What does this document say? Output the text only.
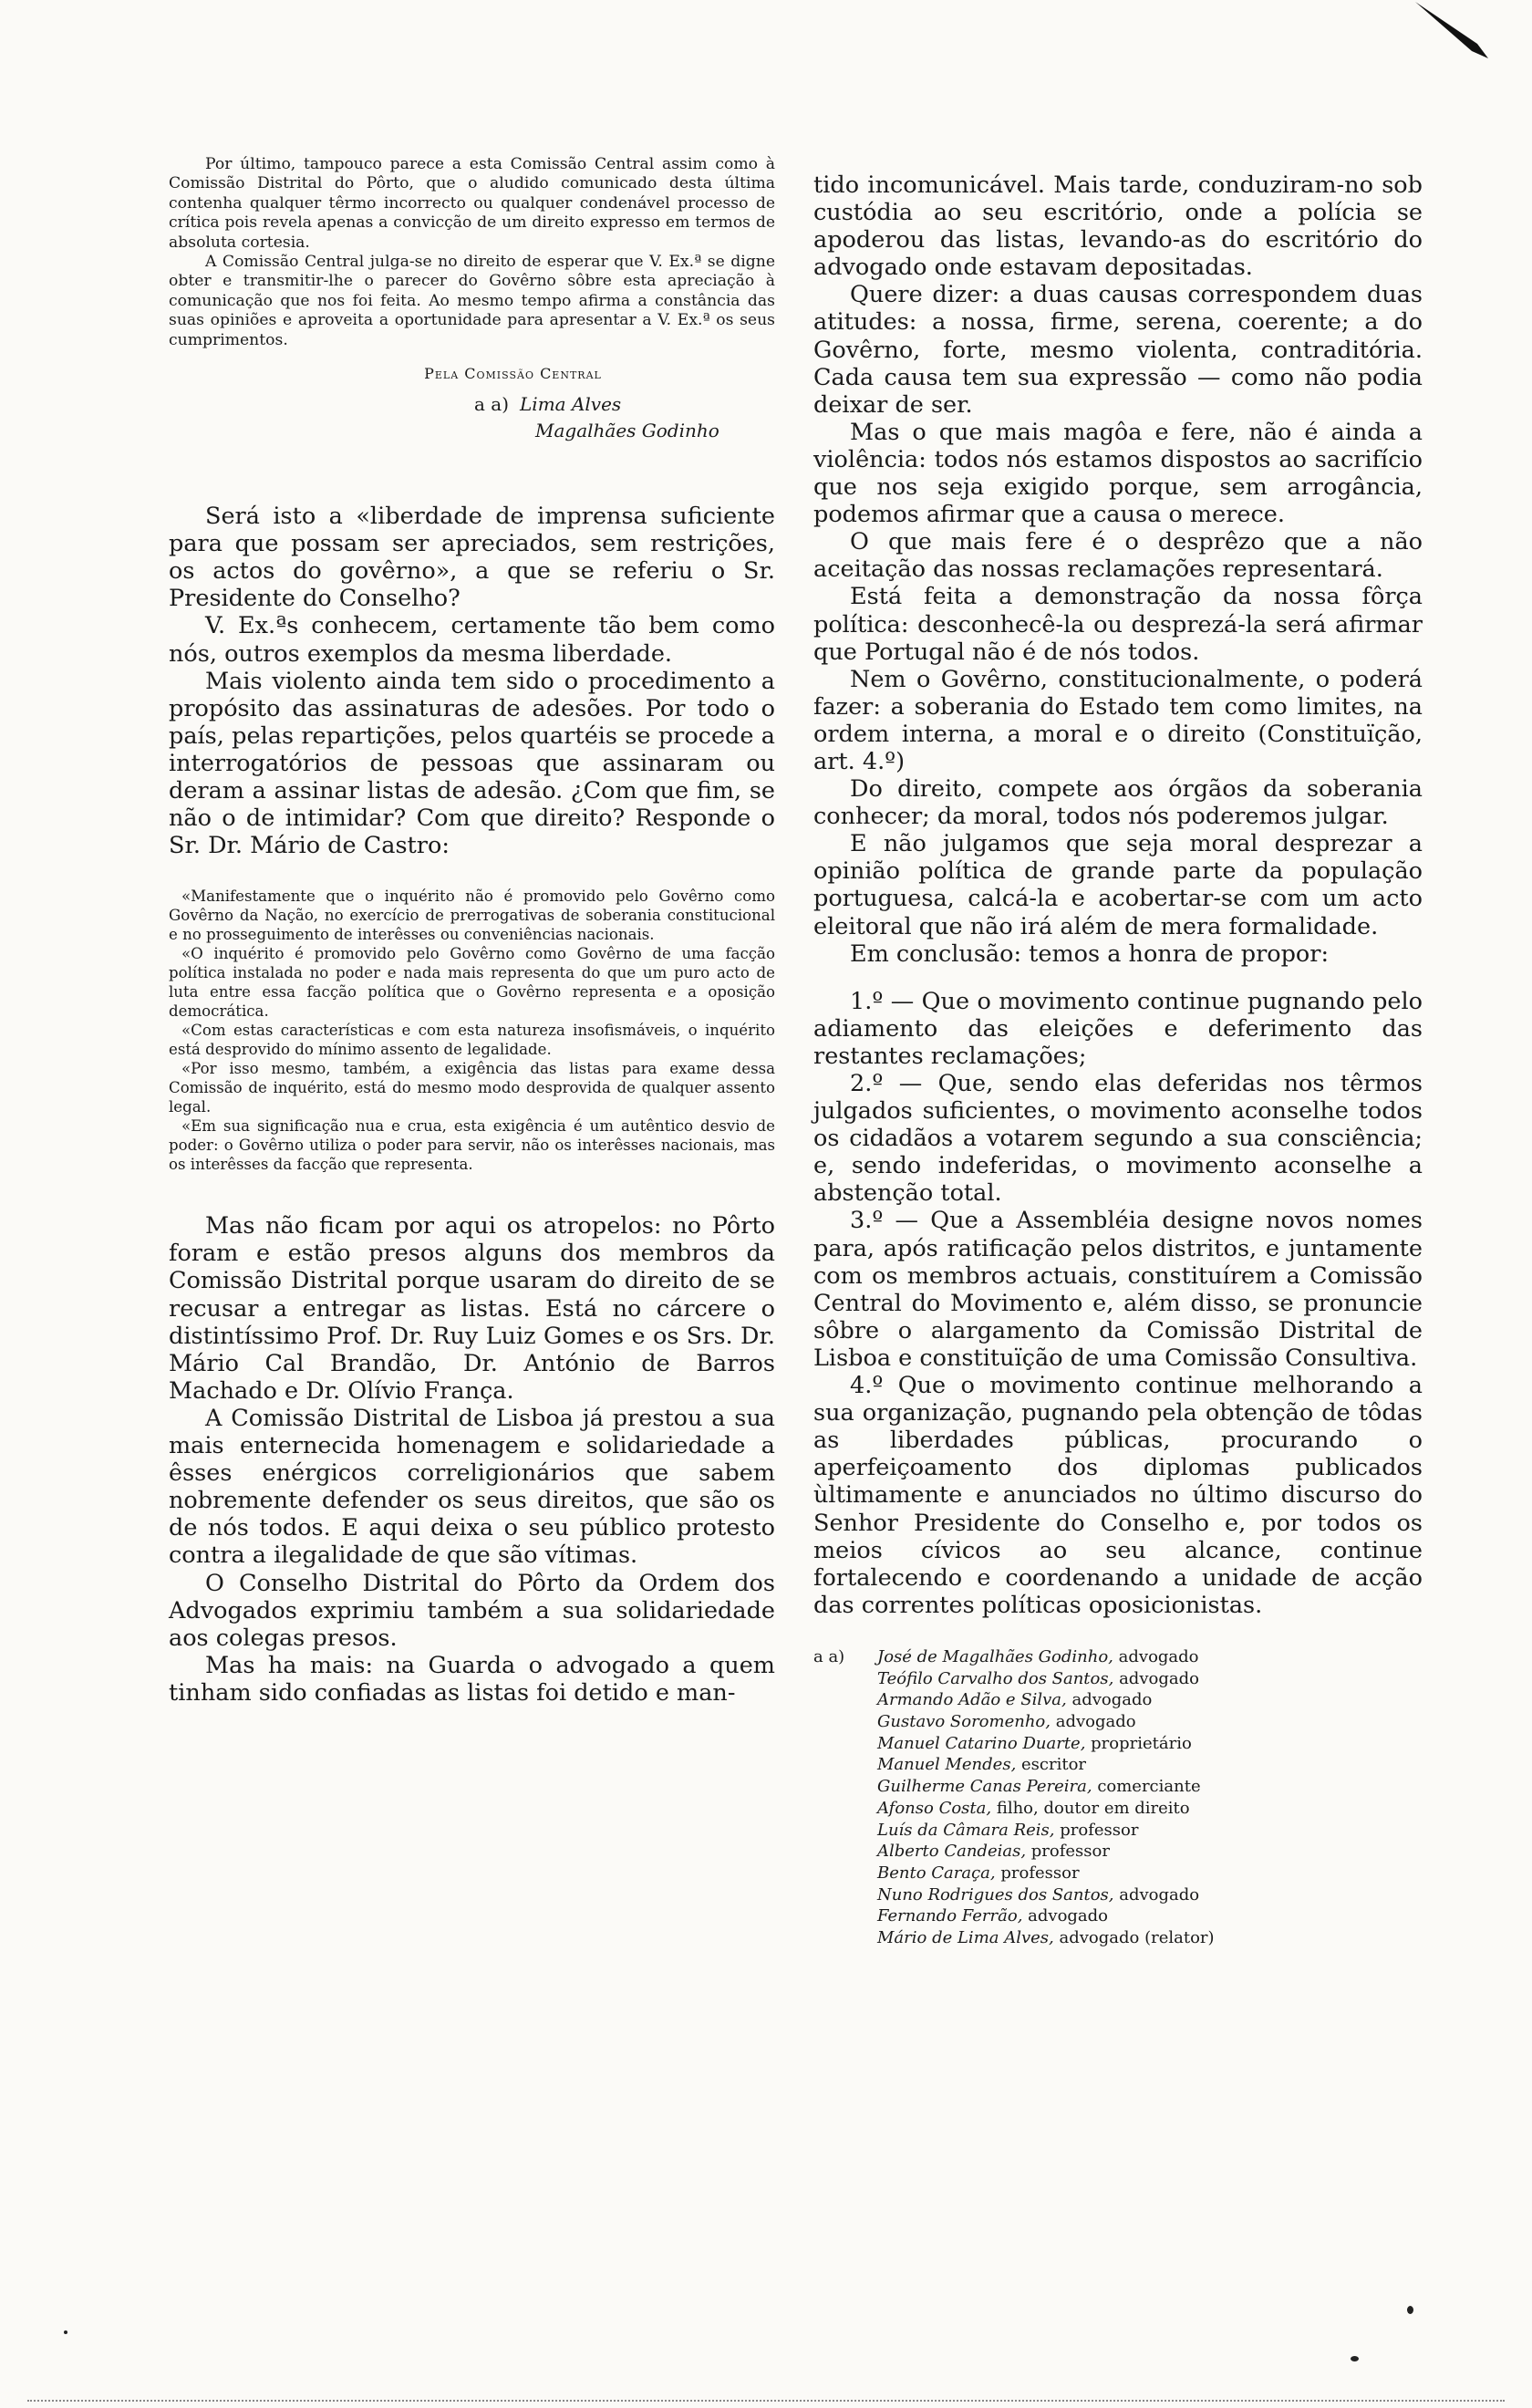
Por último, tampouco parece a esta Comissão Central assim como à Comissão Distrital do Pôrto, que o aludido comunicado desta última contenha qualquer têrmo incorrecto ou qualquer condenável processo de crítica pois revela apenas a convicção de um direito expresso em termos de absoluta cortesia.

A Comissão Central julga-se no direito de esperar que V. Ex.ª se digne obter e transmitir-lhe o parecer do Govêrno sôbre esta apreciação à comunicação que nos foi feita. Ao mesmo tempo afirma a constância das suas opiniões e aproveita a oportunidade para apresentar a V. Ex.ª os seus cumprimentos.

Pela Comissão Central
a a) Lima Alves
Magalhães Godinho

Será isto a «liberdade de imprensa suficiente para que possam ser apreciados, sem restrições, os actos do govêrno», a que se referiu o Sr. Presidente do Conselho?

V. Ex.ªs conhecem, certamente tão bem como nós, outros exemplos da mesma liberdade.

Mais violento ainda tem sido o procedimento a propósito das assinaturas de adesões. Por todo o país, pelas repartições, pelos quartéis se procede a interrogatórios de pessoas que assinaram ou deram a assinar listas de adesão. ¿Com que fim, se não o de intimidar? Com que direito? Responde o Sr. Dr. Mário de Castro:

«Manifestamente que o inquérito não é promovido pelo Govêrno como Govêrno da Nação, no exercício de prerrogativas de soberania constitucional e no prosseguimento de interêsses ou conveniências nacionais.

«O inquérito é promovido pelo Govêrno como Govêrno de uma facção política instalada no poder e nada mais representa do que um puro acto de luta entre essa facção política que o Govêrno representa e a oposição democrática.

«Com estas características e com esta natureza insofismáveis, o inquérito está desprovido do mínimo assento de legalidade.

«Por isso mesmo, também, a exigência das listas para exame dessa Comissão de inquérito, está do mesmo modo desprovida de qualquer assento legal.

«Em sua significação nua e crua, esta exigência é um autêntico desvio de poder: o Govêrno utiliza o poder para servir, não os interêsses nacionais, mas os interêsses da facção que representa.

Mas não ficam por aqui os atropelos: no Pôrto foram e estão presos alguns dos membros da Comissão Distrital porque usaram do direito de se recusar a entregar as listas. Está no cárcere o distintíssimo Prof. Dr. Ruy Luiz Gomes e os Srs. Dr. Mário Cal Brandão, Dr. António de Barros Machado e Dr. Olívio França.

A Comissão Distrital de Lisboa já prestou a sua mais enternecida homenagem e solidariedade a êsses enérgicos correligionários que sabem nobremente defender os seus direitos, que são os de nós todos. E aqui deixa o seu público protesto contra a ilegalidade de que são vítimas.

O Conselho Distrital do Pôrto da Ordem dos Advogados exprimiu também a sua solidariedade aos colegas presos.

Mas ha mais: na Guarda o advogado a quem tinham sido confiadas as listas foi detido e man-

tido incomunicável. Mais tarde, conduziram-no sob custódia ao seu escritório, onde a polícia se apoderou das listas, levando-as do escritório do advogado onde estavam depositadas.

Quere dizer: a duas causas correspondem duas atitudes: a nossa, firme, serena, coerente; a do Govêrno, forte, mesmo violenta, contraditória. Cada causa tem sua expressão — como não podia deixar de ser.

Mas o que mais magôa e fere, não é ainda a violência: todos nós estamos dispostos ao sacrifício que nos seja exigido porque, sem arrogância, podemos afirmar que a causa o merece.

O que mais fere é o desprêzo que a não aceitação das nossas reclamações representará.

Está feita a demonstração da nossa fôrça política: desconhecê-la ou desprezá-la será afirmar que Portugal não é de nós todos.

Nem o Govêrno, constitucionalmente, o poderá fazer: a soberania do Estado tem como limites, na ordem interna, a moral e o direito (Constituïção, art. 4.º)

Do direito, compete aos órgãos da soberania conhecer; da moral, todos nós poderemos julgar.

E não julgamos que seja moral desprezar a opinião política de grande parte da população portuguesa, calcá-la e acobertar-se com um acto eleitoral que não irá além de mera formalidade.

Em conclusão: temos a honra de propor:

1.º — Que o movimento continue pugnando pelo adiamento das eleições e deferimento das restantes reclamações;

2.º — Que, sendo elas deferidas nos têrmos julgados suficientes, o movimento aconselhe todos os cidadãos a votarem segundo a sua consciência; e, sendo indeferidas, o movimento aconselhe a abstenção total.

3.º — Que a Assembléia designe novos nomes para, após ratificação pelos distritos, e juntamente com os membros actuais, constituírem a Comissão Central do Movimento e, além disso, se pronuncie sôbre o alargamento da Comissão Distrital de Lisboa e constituïção de uma Comissão Consultiva.

4.º Que o movimento continue melhorando a sua organização, pugnando pela obtenção de tôdas as liberdades públicas, procurando o aperfeiçoamento dos diplomas publicados ùltimamente e anunciados no último discurso do Senhor Presidente do Conselho e, por todos os meios cívicos ao seu alcance, continue fortalecendo e coordenando a unidade de acção das correntes políticas oposicionistas.

a a)	José de Magalhães Godinho, advogado
Teófilo Carvalho dos Santos, advogado
Armando Adão e Silva, advogado
Gustavo Soromenho, advogado
Manuel Catarino Duarte, proprietário
Manuel Mendes, escritor
Guilherme Canas Pereira, comerciante
Afonso Costa, filho, doutor em direito
Luís da Câmara Reis, professor
Alberto Candeias, professor
Bento Caraça, professor
Nuno Rodrigues dos Santos, advogado
Fernando Ferrão, advogado
Mário de Lima Alves, advogado (relator)
